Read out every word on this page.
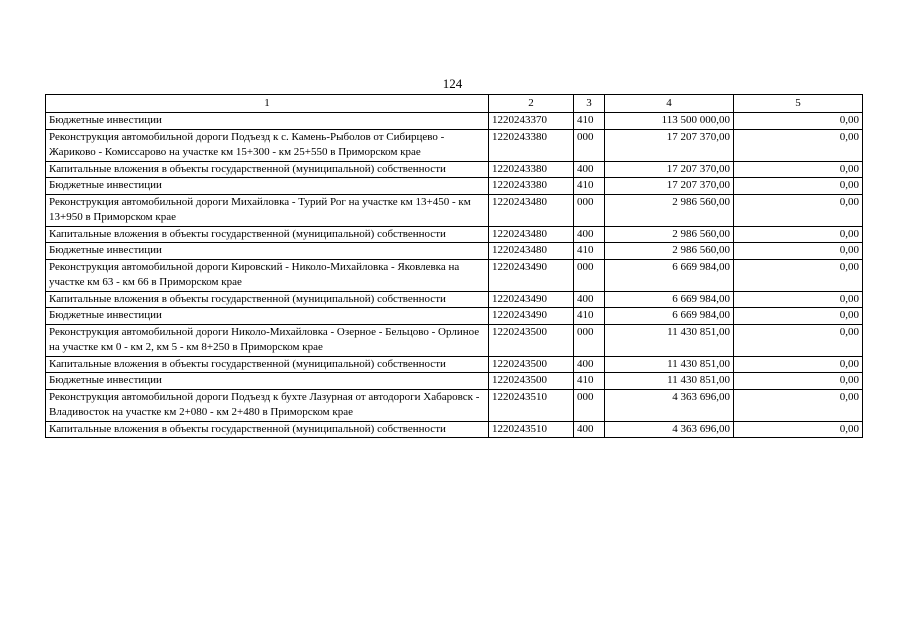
124
1	2	3	4	5
Бюджетные инвестиции	1220243370	410	113 500 000,00	0,00
Реконструкция автомобильной дороги Подъезд к с. Камень-Рыболов от Сибирцево - Жариково - Комиссарово на участке км 15+300 - км 25+550 в Приморском крае	1220243380	000	17 207 370,00	0,00
Капитальные вложения в объекты государственной (муниципальной) собственности	1220243380	400	17 207 370,00	0,00
Бюджетные инвестиции	1220243380	410	17 207 370,00	0,00
Реконструкция автомобильной дороги Михайловка - Турий Рог на участке км 13+450 - км 13+950 в Приморском крае	1220243480	000	2 986 560,00	0,00
Капитальные вложения в объекты государственной (муниципальной) собственности	1220243480	400	2 986 560,00	0,00
Бюджетные инвестиции	1220243480	410	2 986 560,00	0,00
Реконструкция автомобильной дороги Кировский - Николо-Михайловка - Яковлевка на участке км 63 - км 66 в Приморском крае	1220243490	000	6 669 984,00	0,00
Капитальные вложения в объекты государственной (муниципальной) собственности	1220243490	400	6 669 984,00	0,00
Бюджетные инвестиции	1220243490	410	6 669 984,00	0,00
Реконструкция автомобильной дороги Николо-Михайловка - Озерное - Бельцово - Орлиное на участке км 0 - км 2, км 5 - км 8+250 в Приморском крае	1220243500	000	11 430 851,00	0,00
Капитальные вложения в объекты государственной (муниципальной) собственности	1220243500	400	11 430 851,00	0,00
Бюджетные инвестиции	1220243500	410	11 430 851,00	0,00
Реконструкция автомобильной дороги Подъезд к бухте Лазурная от автодороги Хабаровск - Владивосток на участке км 2+080 - км 2+480 в Приморском крае	1220243510	000	4 363 696,00	0,00
Капитальные вложения в объекты государственной (муниципальной) собственности	1220243510	400	4 363 696,00	0,00
